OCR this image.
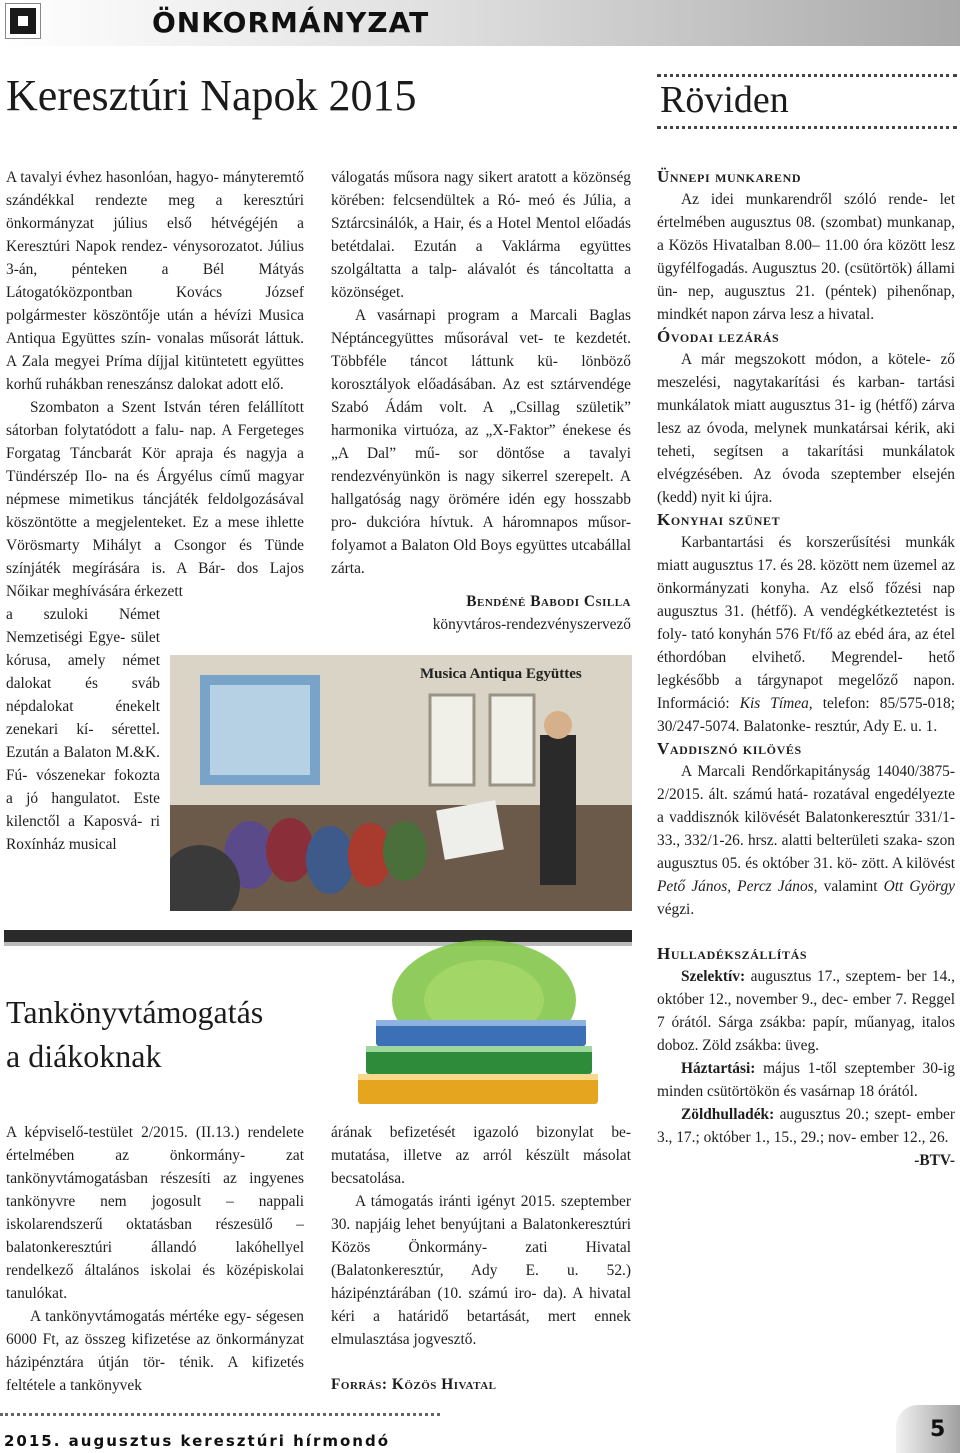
ÖNKORMÁNYZAT
Keresztúri Napok 2015	Röviden

A tavalyi évhez hasonlóan, hagyo- mányteremtő szándékkal rendezte meg a keresztúri önkormányzat július első hétvégéjén a Keresztúri Napok rendez- vénysorozatot. Július 3-án, pénteken a Bél Mátyás Látogatóközpontban Kovács József polgármester köszöntője után a hévízi Musica Antiqua Együttes szín- vonalas műsorát láttuk. A Zala megyei Príma díjjal kitüntetett együttes korhű ruhákban reneszánsz dalokat adott elő.

Szombaton a Szent István téren felállított sátorban folytatódott a falu- nap. A Fergeteges Forgatag Táncbarát Kör apraja és nagyja a Tündérszép Ilo- na és Árgyélus című magyar népmese mimetikus táncjáték feldolgozásával köszöntötte a megjelenteket. Ez a mese ihlette Vörösmarty Mihályt a Csongor és Tünde színjáték megírására is. A Bár- dos Lajos Nőikar meghívására érkezett

a szuloki Német Nemzetiségi Egye- sület kórusa, amely német dalokat és sváb népdalokat énekelt zenekari kí- sérettel. Ezután a Balaton M.&K. Fú- vószenekar fokozta a jó hangulatot. Este kilenctől a Kaposvá- ri Roxínház musical

válogatás műsora nagy sikert aratott a közönség körében: felcsendültek a Ró- meó és Júlia, a Sztárcsinálók, a Hair, és a Hotel Mentol előadás betétdalai. Ezután a Vaklárma együttes szolgáltatta a talp- alávalót és táncoltatta a közönséget.

A vasárnapi program a Marcali Baglas Néptáncegyüttes műsorával vet- te kezdetét. Többféle táncot láttunk kü- lönböző korosztályok előadásában. Az est sztárvendége Szabó Ádám volt. A „Csillag születik” harmonika virtuóza, az „X-Faktor” énekese és „A Dal” mű- sor döntőse a tavalyi rendezvényünkön is nagy sikerrel szerepelt. A hallgatóság nagy örömére idén egy hosszabb pro- dukcióra hívtuk. A háromnapos műsor- folyamot a Balaton Old Boys együttes utcabállal zárta.

Bendéné Babodi Csilla

könyvtáros-rendezvényszervező

Musica Antiqua Együttes
Tankönyvtámogatás
a diákoknak

A képviselő-testület 2/2015. (II.13.) rendelete értelmében az önkormány- zat tankönyvtámogatásban részesíti az ingyenes tankönyvre nem jogosult – nappali iskolarendszerű oktatásban részesülő – balatonkeresztúri állandó lakóhellyel rendelkező általános iskolai és középiskolai tanulókat.

A tankönyvtámogatás mértéke egy- ségesen 6000 Ft, az összeg kifizetése az önkormányzat házipénztára útján tör- ténik. A kifizetés feltétele a tankönyvek

árának befizetését igazoló bizonylat be- mutatása, illetve az arról készült másolat becsatolása.

A támogatás iránti igényt 2015. szeptember 30. napjáig lehet benyújtani a Balatonkeresztúri Közös Önkormány- zati Hivatal (Balatonkeresztúr, Ady E. u. 52.) házipénztárában (10. számú iro- da). A hivatal kéri a határidő betartását, mert ennek elmulasztása jogvesztő.

Forrás: Közös Hivatal

Ünnepi munkarend

Az idei munkarendről szóló rende- let értelmében augusztus 08. (szombat) munkanap, a Közös Hivatalban 8.00– 11.00 óra között lesz ügyfélfogadás. Augusztus 20. (csütörtök) állami ün- nep, augusztus 21. (péntek) pihenőnap, mindkét napon zárva lesz a hivatal.

Óvodai lezárás

A már megszokott módon, a kötele- ző meszelési, nagytakarítási és karban- tartási munkálatok miatt augusztus 31- ig (hétfő) zárva lesz az óvoda, melynek munkatársai kérik, aki teheti, segítsen a takarítási munkálatok elvégzésében. Az óvoda szeptember elsején (kedd) nyit ki újra.

Konyhai szünet

Karbantartási és korszerűsítési munkák miatt augusztus 17. és 28. között nem üzemel az önkormányzati konyha. Az első főzési nap augusztus 31. (hétfő). A vendégkétkeztetést is foly- tató konyhán 576 Ft/fő az ebéd ára, az étel éthordóban elvihető. Megrendel- hető legkésőbb a tárgynapot megelőző napon. Információ: Kis Tímea, telefon: 85/575-018; 30/247-5074. Balatonke- resztúr, Ady E. u. 1.

Vaddisznó kilövés

A Marcali Rendőrkapitányság 14040/3875-2/2015. ált. számú hatá- rozatával engedélyezte a vaddisznók kilövését Balatonkeresztúr 331/1-33., 332/1-26. hrsz. alatti belterületi szaka- szon augusztus 05. és október 31. kö- zött. A kilövést Pető János, Percz János, valamint Ott György végzi.

Hulladékszállítás

Szelektív: augusztus 17., szeptem- ber 14., október 12., november 9., dec- ember 7. Reggel 7 órától. Sárga zsákba: papír, műanyag, italos doboz. Zöld zsákba: üveg.

Háztartási: május 1-től szeptember 30-ig minden csütörtökön és vasárnap 18 órától.

Zöldhulladék: augusztus 20.; szept- ember 3., 17.; október 1., 15., 29.; nov- ember 12., 26.
-BTV-

2015. augusztus keresztúri hírmondó	5
